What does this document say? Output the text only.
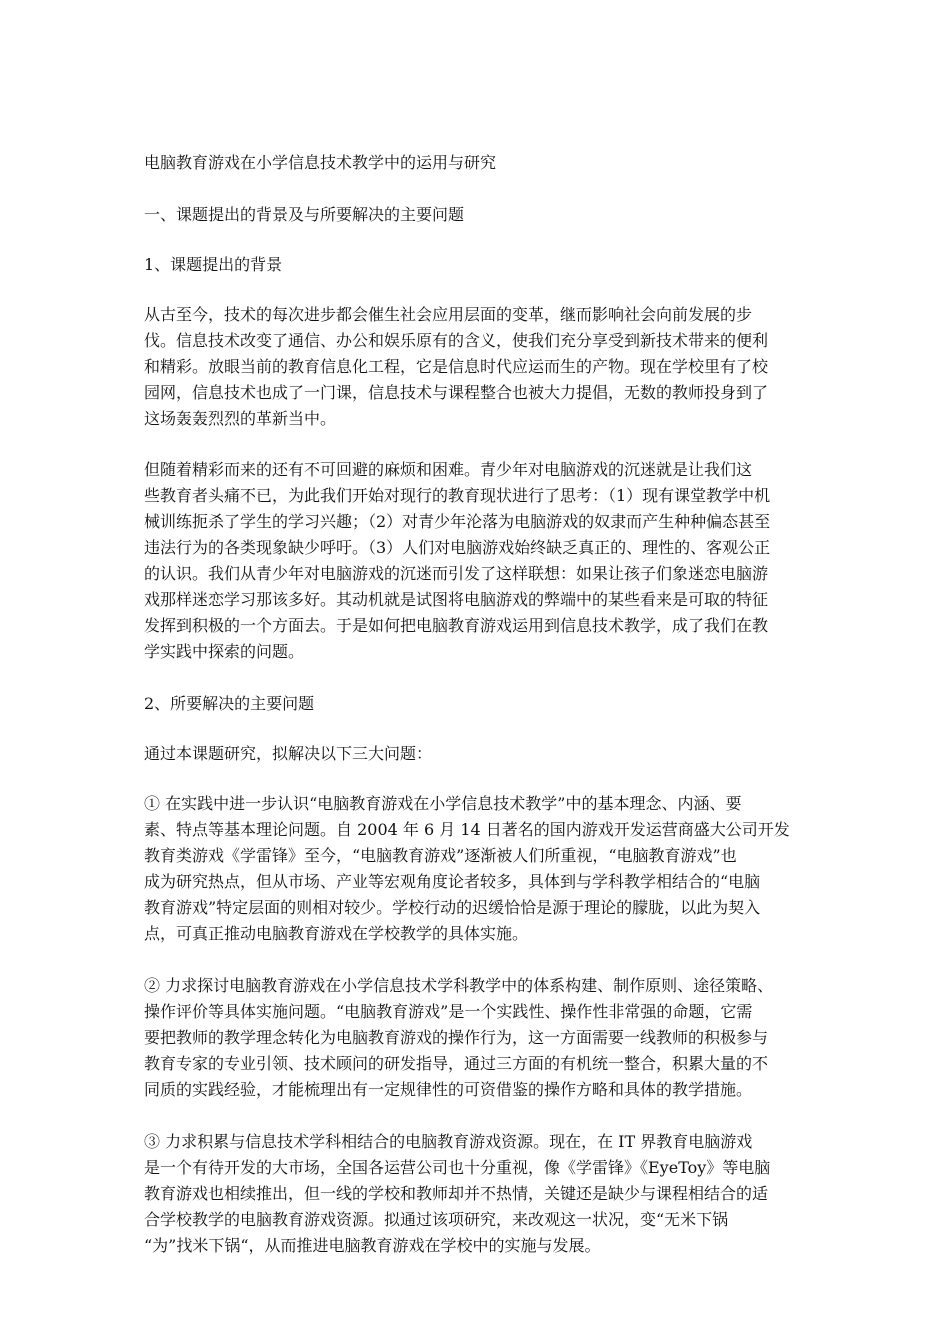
电脑教育游戏在小学信息技术教学中的运用与研究

一、课题提出的背景及与所要解决的主要问题

1、课题提出的背景

从古至今，技术的每次进步都会催生社会应用层面的变革，继而影响社会向前发展的步

伐。信息技术改变了通信、办公和娱乐原有的含义，使我们充分享受到新技术带来的便利

和精彩。放眼当前的教育信息化工程，它是信息时代应运而生的产物。现在学校里有了校

园网，信息技术也成了一门课，信息技术与课程整合也被大力提倡，无数的教师投身到了

这场轰轰烈烈的革新当中。

但随着精彩而来的还有不可回避的麻烦和困难。青少年对电脑游戏的沉迷就是让我们这

些教育者头痛不已，为此我们开始对现行的教育现状进行了思考：（1）现有课堂教学中机

械训练扼杀了学生的学习兴趣；（2）对青少年沦落为电脑游戏的奴隶而产生种种偏态甚至

违法行为的各类现象缺少呼吁。（3）人们对电脑游戏始终缺乏真正的、理性的、客观公正

的认识。我们从青少年对电脑游戏的沉迷而引发了这样联想：如果让孩子们象迷恋电脑游

戏那样迷恋学习那该多好。其动机就是试图将电脑游戏的弊端中的某些看来是可取的特征

发挥到积极的一个方面去。于是如何把电脑教育游戏运用到信息技术教学，成了我们在教

学实践中探索的问题。

2、所要解决的主要问题

通过本课题研究，拟解决以下三大问题：

① 在实践中进一步认识“电脑教育游戏在小学信息技术教学”中的基本理念、内涵、要

素、特点等基本理论问题。自 2004 年 6 月 14 日著名的国内游戏开发运营商盛大公司开发

教育类游戏《学雷锋》至今，“电脑教育游戏”逐渐被人们所重视，“电脑教育游戏”也

成为研究热点，但从市场、产业等宏观角度论者较多，具体到与学科教学相结合的“电脑

教育游戏”特定层面的则相对较少。学校行动的迟缓恰恰是源于理论的朦胧，以此为契入

点，可真正推动电脑教育游戏在学校教学的具体实施。

② 力求探讨电脑教育游戏在小学信息技术学科教学中的体系构建、制作原则、途径策略、

操作评价等具体实施问题。“电脑教育游戏”是一个实践性、操作性非常强的命题，它需

要把教师的教学理念转化为电脑教育游戏的操作行为，这一方面需要一线教师的积极参与

教育专家的专业引领、技术顾问的研发指导，通过三方面的有机统一整合，积累大量的不

同质的实践经验，才能梳理出有一定规律性的可资借鉴的操作方略和具体的教学措施。

③ 力求积累与信息技术学科相结合的电脑教育游戏资源。现在，在 IT 界教育电脑游戏

是一个有待开发的大市场，全国各运营公司也十分重视，像《学雷锋》《EyeToy》等电脑

教育游戏也相续推出，但一线的学校和教师却并不热情，关键还是缺少与课程相结合的适

合学校教学的电脑教育游戏资源。拟通过该项研究，来改观这一状况，变“无米下锅

“为”找米下锅“，从而推进电脑教育游戏在学校中的实施与发展。
